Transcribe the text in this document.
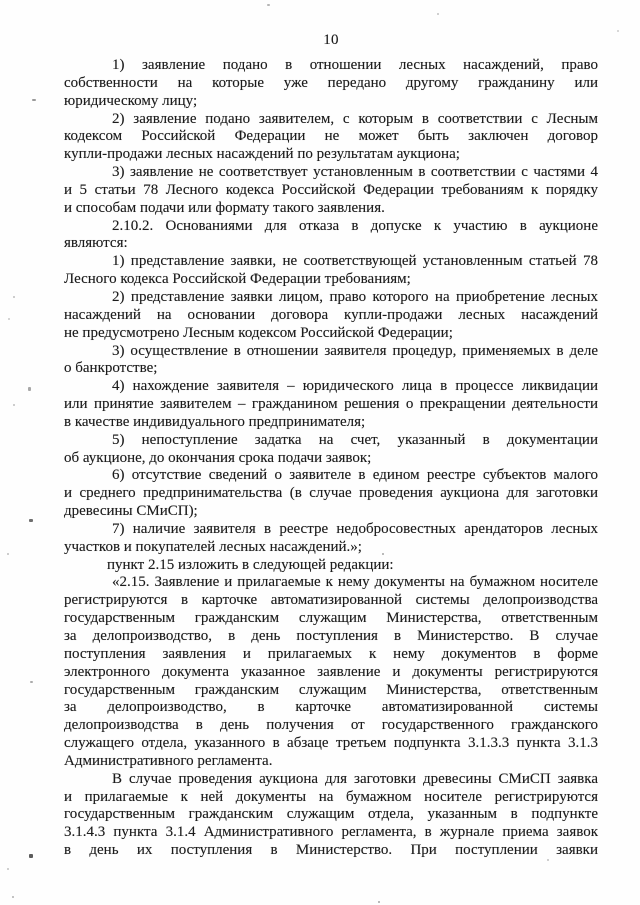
10
1) заявление подано в отношении лесных насаждений, право
собственности на которые уже передано другому гражданину или
юридическому лицу;
2) заявление подано заявителем, с которым в соответствии с Лесным
кодексом Российской Федерации не может быть заключен договор
купли-продажи лесных насаждений по результатам аукциона;
3) заявление не соответствует установленным в соответствии с частями 4
и 5 статьи 78 Лесного кодекса Российской Федерации требованиям к порядку
и способам подачи или формату такого заявления.
2.10.2. Основаниями для отказа в допуске к участию в аукционе
являются:
1) представление заявки, не соответствующей установленным статьей 78
Лесного кодекса Российской Федерации требованиям;
2) представление заявки лицом, право которого на приобретение лесных
насаждений на основании договора купли-продажи лесных насаждений
не предусмотрено Лесным кодексом Российской Федерации;
3) осуществление в отношении заявителя процедур, применяемых в деле
о банкротстве;
4) нахождение заявителя – юридического лица в процессе ликвидации
или принятие заявителем – гражданином решения о прекращении деятельности
в качестве индивидуального предпринимателя;
5) непоступление задатка на счет, указанный в документации
об аукционе, до окончания срока подачи заявок;
6) отсутствие сведений о заявителе в едином реестре субъектов малого
и среднего предпринимательства (в случае проведения аукциона для заготовки
древесины СМиСП);
7) наличие заявителя в реестре недобросовестных арендаторов лесных
участков и покупателей лесных насаждений.»;
пункт 2.15 изложить в следующей редакции:
«2.15. Заявление и прилагаемые к нему документы на бумажном носителе
регистрируются в карточке автоматизированной системы делопроизводства
государственным гражданским служащим Министерства, ответственным
за делопроизводство, в день поступления в Министерство. В случае
поступления заявления и прилагаемых к нему документов в форме
электронного документа указанное заявление и документы регистрируются
государственным гражданским служащим Министерства, ответственным
за делопроизводство, в карточке автоматизированной системы
делопроизводства в день получения от государственного гражданского
служащего отдела, указанного в абзаце третьем подпункта 3.1.3.3 пункта 3.1.3
Административного регламента.
В случае проведения аукциона для заготовки древесины СМиСП заявка
и прилагаемые к ней документы на бумажном носителе регистрируются
государственным гражданским служащим отдела, указанным в подпункте
3.1.4.3 пункта 3.1.4 Административного регламента, в журнале приема заявок
в день их поступления в Министерство. При поступлении заявки
